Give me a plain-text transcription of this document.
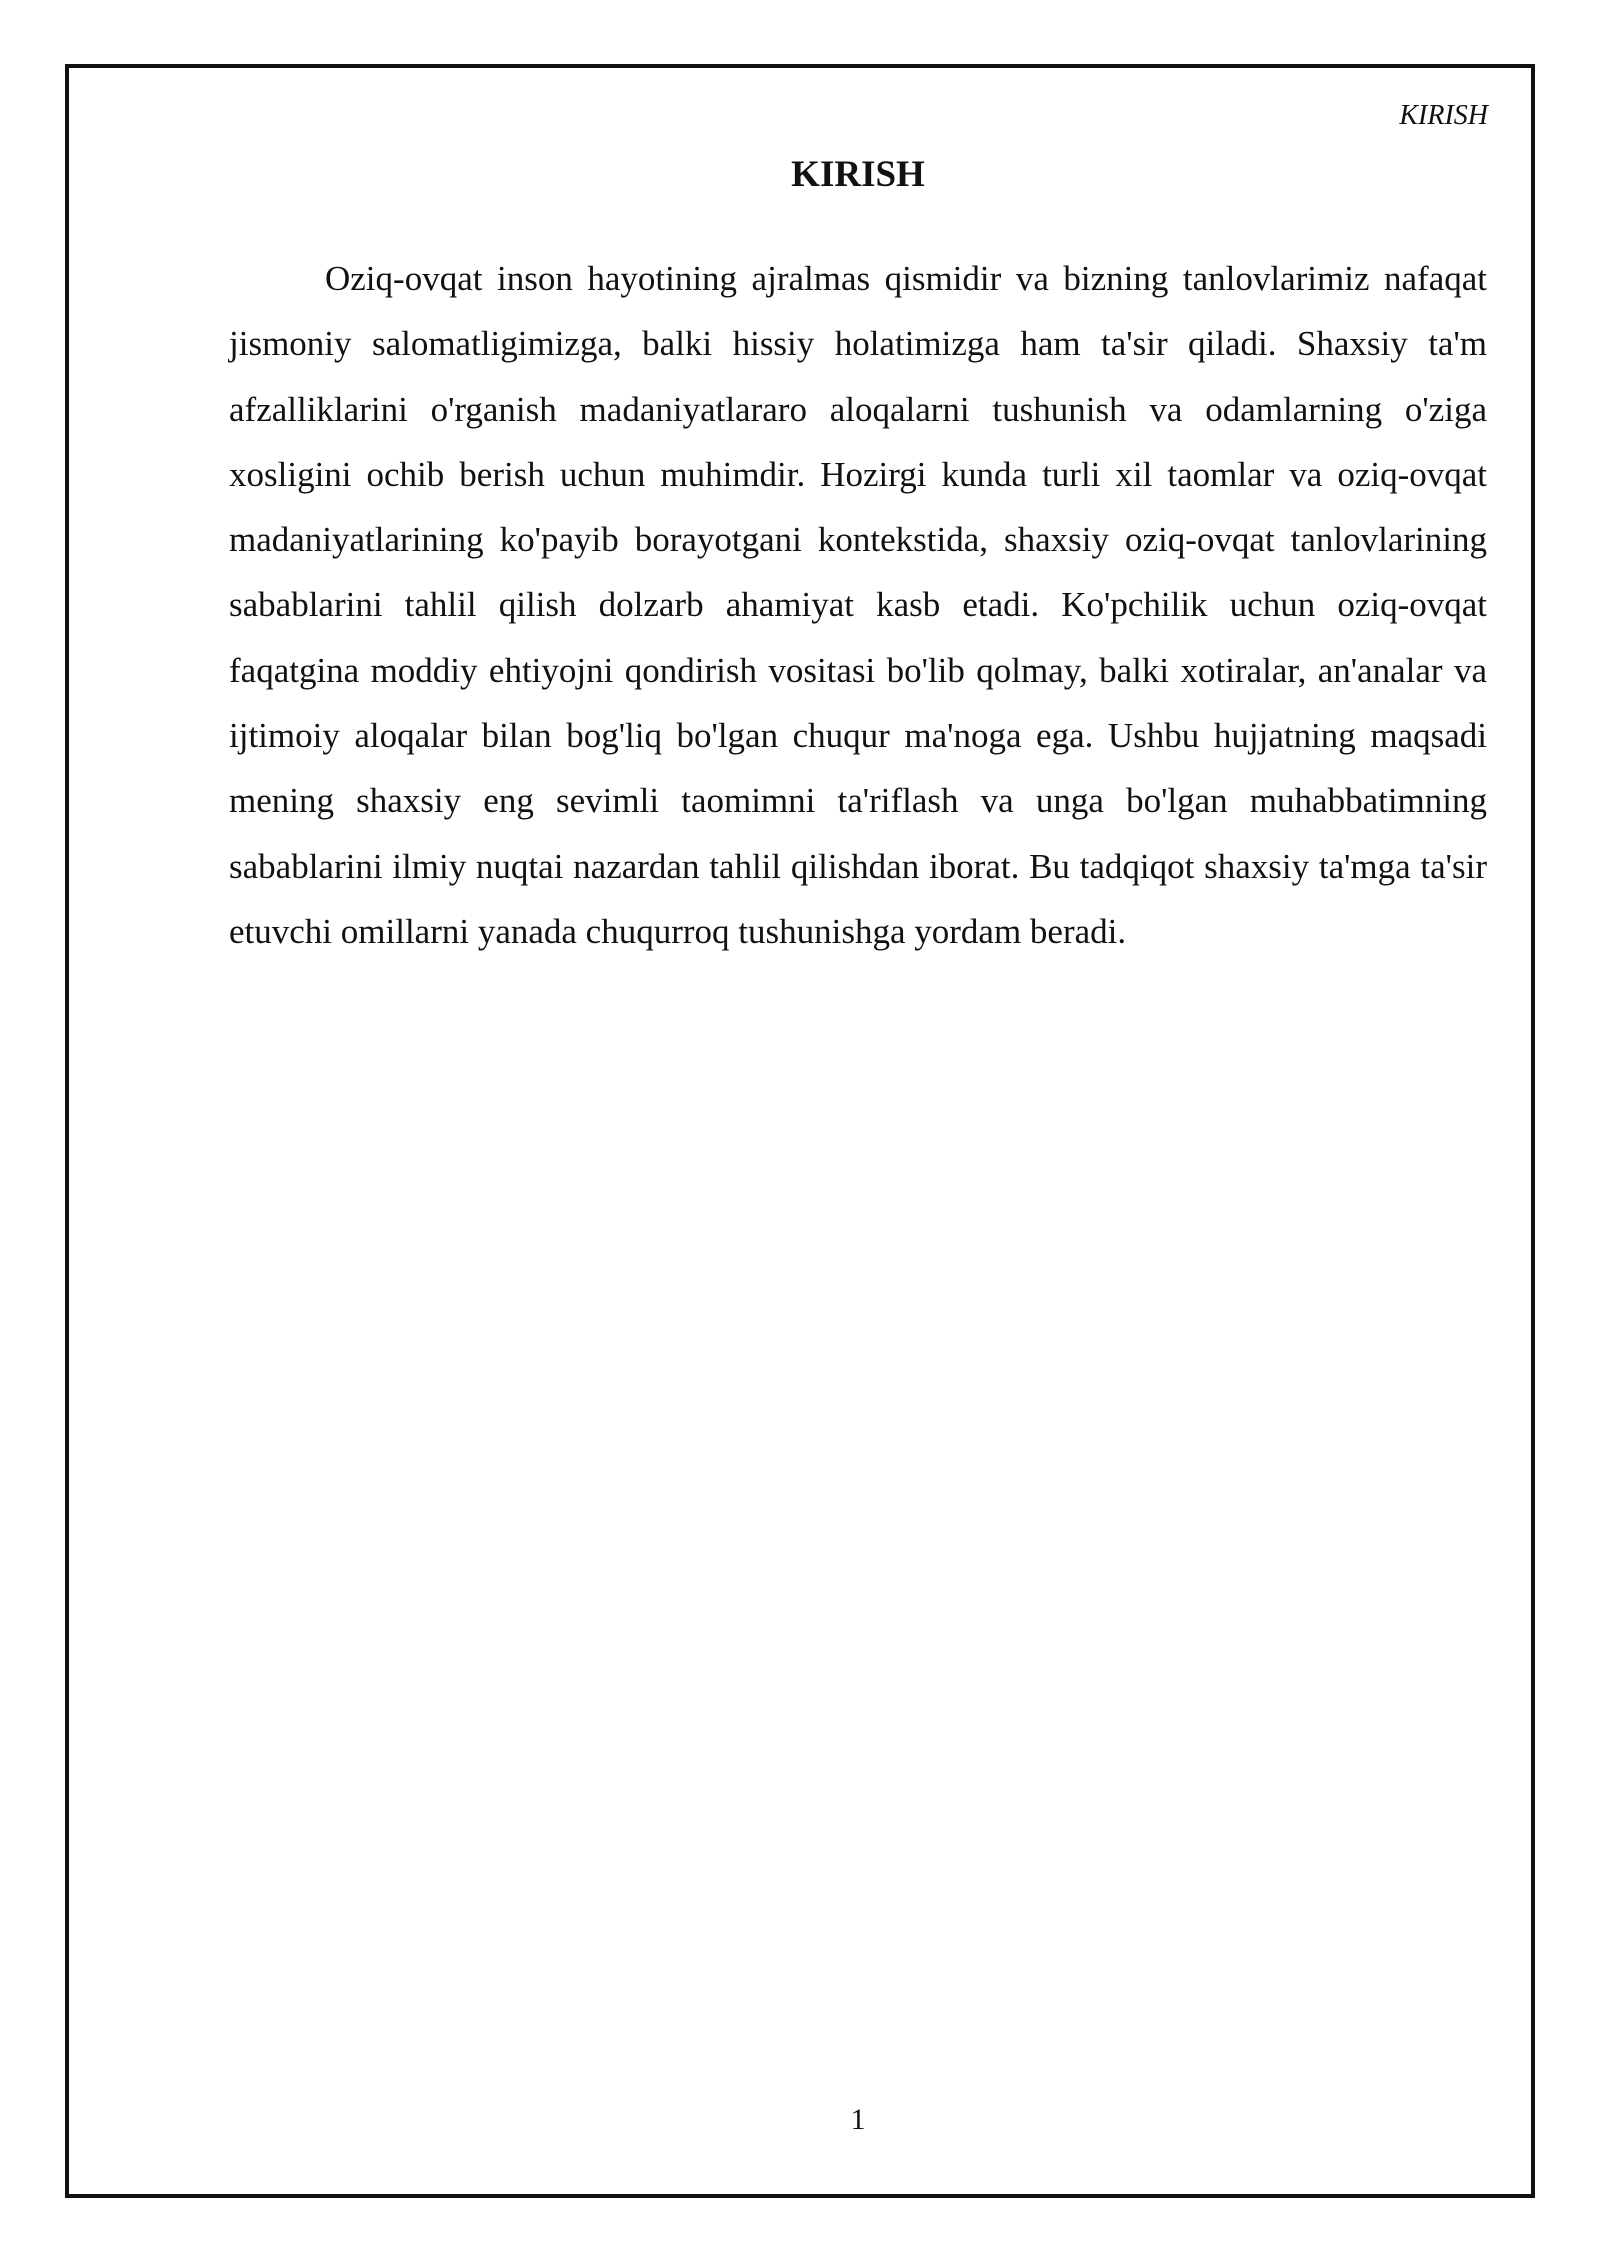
KIRISH
KIRISH

Oziq-ovqat inson hayotining ajralmas qismidir va bizning tanlovlarimiz nafaqat jismoniy salomatligimizga, balki hissiy holatimizga ham ta'sir qiladi. Shaxsiy ta'm afzalliklarini o'rganish madaniyatlararo aloqalarni tushunish va odamlarning o'ziga xosligini ochib berish uchun muhimdir. Hozirgi kunda turli xil taomlar va oziq-ovqat madaniyatlarining ko'payib borayotgani kontekstida, shaxsiy oziq-ovqat tanlovlarining sabablarini tahlil qilish dolzarb ahamiyat kasb etadi. Ko'pchilik uchun oziq-ovqat faqatgina moddiy ehtiyojni qondirish vositasi bo'lib qolmay, balki xotiralar, an'analar va ijtimoiy aloqalar bilan bog'liq bo'lgan chuqur ma'noga ega. Ushbu hujjatning maqsadi mening shaxsiy eng sevimli taomimni ta'riflash va unga bo'lgan muhabbatimning sabablarini ilmiy nuqtai nazardan tahlil qilishdan iborat. Bu tadqiqot shaxsiy ta'mga ta'sir etuvchi omillarni yanada chuqurroq tushunishga yordam beradi.

1
